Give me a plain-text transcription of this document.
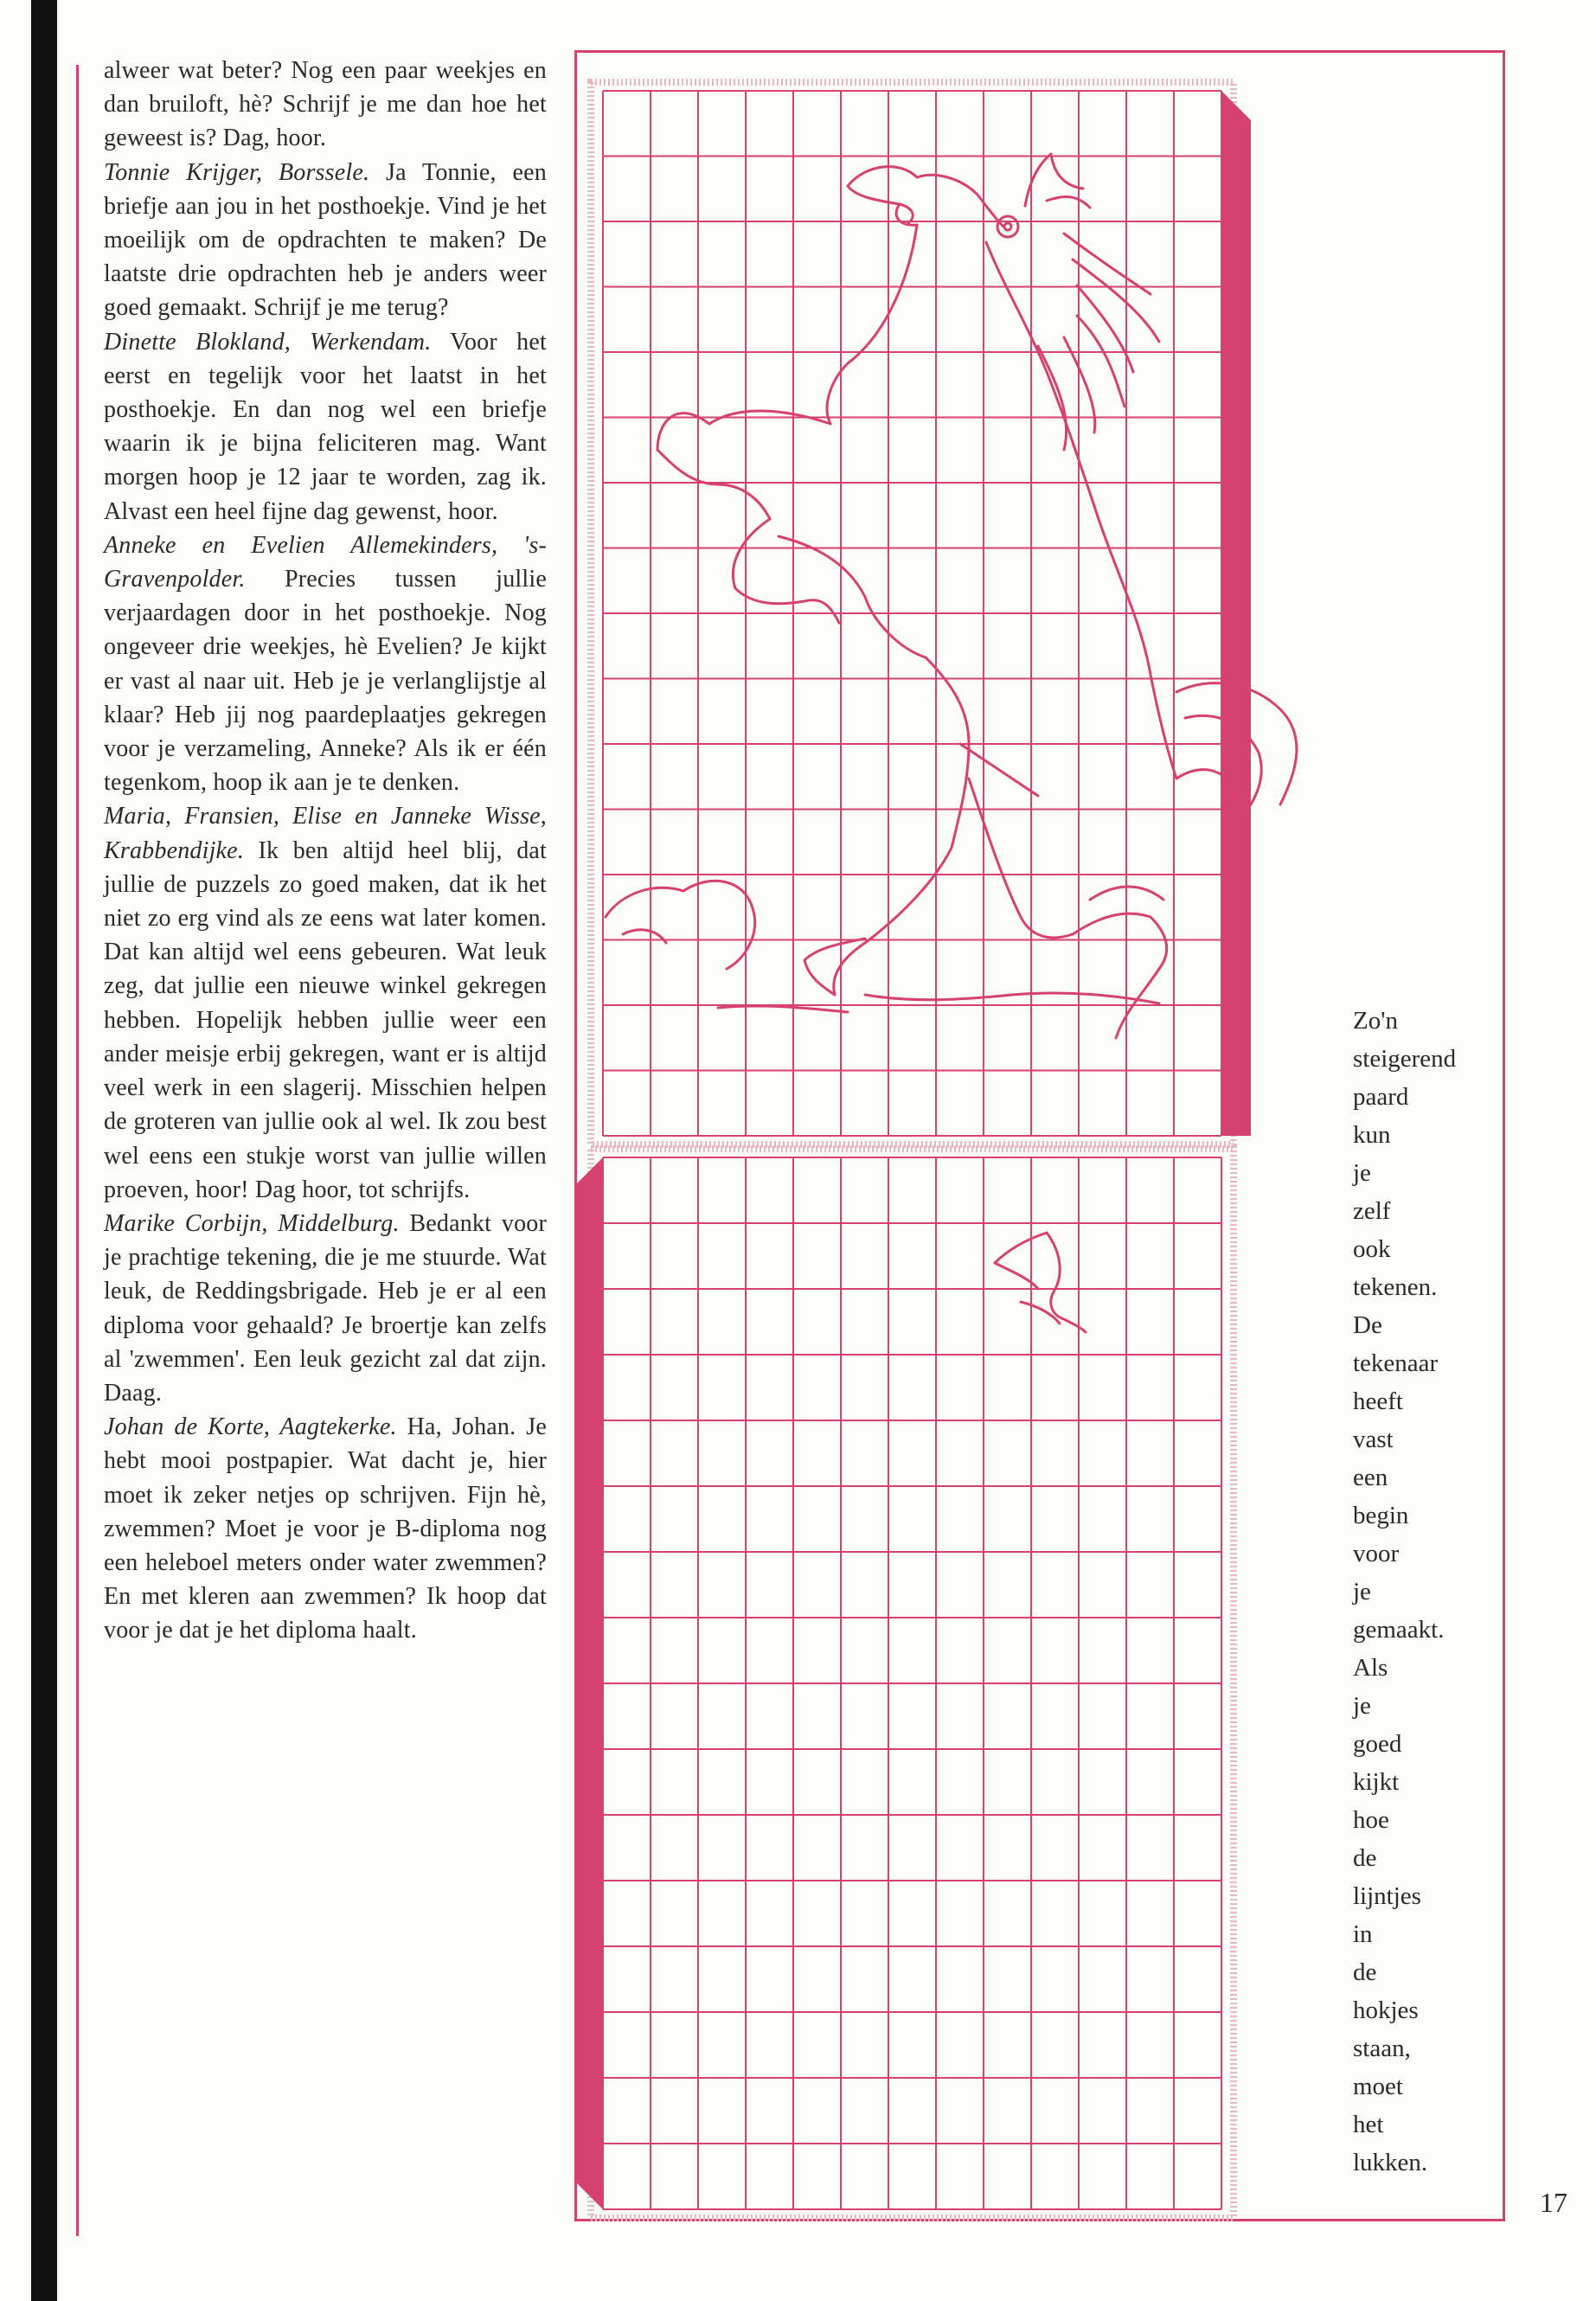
alweer wat beter? Nog een paar weekjes en dan bruiloft, hè? Schrijf je me dan hoe het geweest is? Dag, hoor.

Tonnie Krijger, Borssele. Ja Tonnie, een briefje aan jou in het posthoekje. Vind je het moeilijk om de opdrachten te maken? De laatste drie opdrachten heb je anders weer goed gemaakt. Schrijf je me terug?

Dinette Blokland, Werkendam. Voor het eerst en tegelijk voor het laatst in het posthoekje. En dan nog wel een briefje waarin ik je bijna feliciteren mag. Want morgen hoop je 12 jaar te worden, zag ik. Alvast een heel fijne dag gewenst, hoor.

Anneke en Evelien Allemekinders, 's-Gravenpolder. Precies tussen jullie verjaardagen door in het posthoekje. Nog ongeveer drie weekjes, hè Evelien? Je kijkt er vast al naar uit. Heb je je verlanglijstje al klaar? Heb jij nog paardeplaatjes gekregen voor je verzameling, Anneke? Als ik er één tegenkom, hoop ik aan je te denken.

Maria, Fransien, Elise en Janneke Wisse, Krabbendijke. Ik ben altijd heel blij, dat jullie de puzzels zo goed maken, dat ik het niet zo erg vind als ze eens wat later komen. Dat kan altijd wel eens gebeuren. Wat leuk zeg, dat jullie een nieuwe winkel gekregen hebben. Hopelijk hebben jullie weer een ander meisje erbij gekregen, want er is altijd veel werk in een slagerij. Misschien helpen de groteren van jullie ook al wel. Ik zou best wel eens een stukje worst van jullie willen proeven, hoor! Dag hoor, tot schrijfs.

Marike Corbijn, Middelburg. Bedankt voor je prachtige tekening, die je me stuurde. Wat leuk, de Reddingsbrigade. Heb je er al een diploma voor gehaald? Je broertje kan zelfs al 'zwemmen'. Een leuk gezicht zal dat zijn. Daag.

Johan de Korte, Aagtekerke. Ha, Johan. Je hebt mooi postpapier. Wat dacht je, hier moet ik zeker netjes op schrijven. Fijn hè, zwemmen? Moet je voor je B-diploma nog een heleboel meters onder water zwemmen? En met kleren aan zwemmen? Ik hoop dat voor je dat je het diploma haalt.

Zo'n
steigerend
paard
kun
je
zelf
ook
tekenen.
De
tekenaar
heeft
vast
een
begin
voor
je
gemaakt.
Als
je
goed
kijkt
hoe
de
lijntjes
in
de
hokjes
staan,
moet
het
lukken.
17
